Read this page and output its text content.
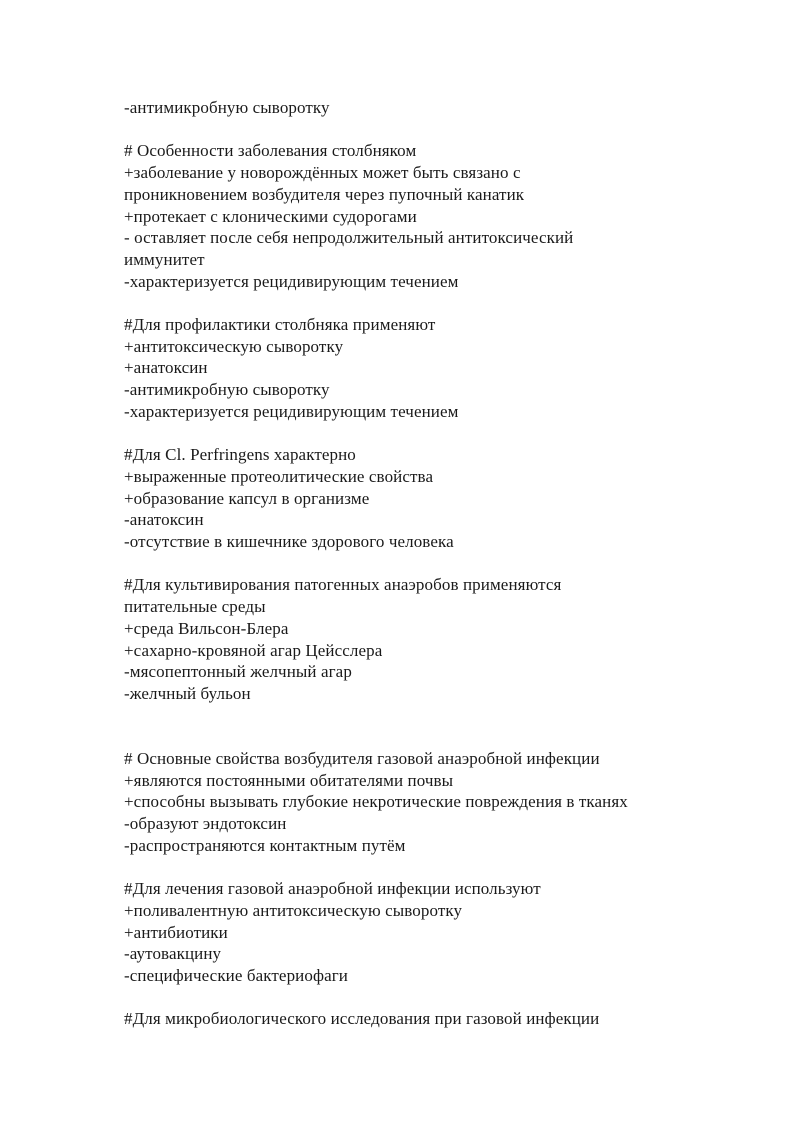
-антимикробную сыворотку
# Особенности заболевания столбняком
+заболевание у новорождённых может быть связано с
проникновением возбудителя через пупочный канатик
+протекает с клоническими судорогами
- оставляет после себя непродолжительный антитоксический
иммунитет
-характеризуется рецидивирующим течением
#Для профилактики столбняка применяют
+антитоксическую сыворотку
+анатоксин
-антимикробную сыворотку
-характеризуется рецидивирующим течением
#Для Cl. Perfringens характерно
+выраженные протеолитические свойства
+образование капсул в организме
-анатоксин
-отсутствие в кишечнике здорового человека
#Для культивирования патогенных анаэробов применяются
питательные среды
+среда Вильсон-Блера
+сахарно-кровяной агар Цейсслера
-мясопептонный желчный агар
-желчный бульон
# Основные свойства возбудителя газовой анаэробной инфекции
+являются постоянными обитателями почвы
+способны вызывать глубокие некротические повреждения в тканях
-образуют эндотоксин
-распространяются контактным путём
#Для лечения газовой анаэробной инфекции используют
+поливалентную антитоксическую сыворотку
+антибиотики
-аутовакцину
-специфические бактериофаги
#Для микробиологического исследования при газовой инфекции
